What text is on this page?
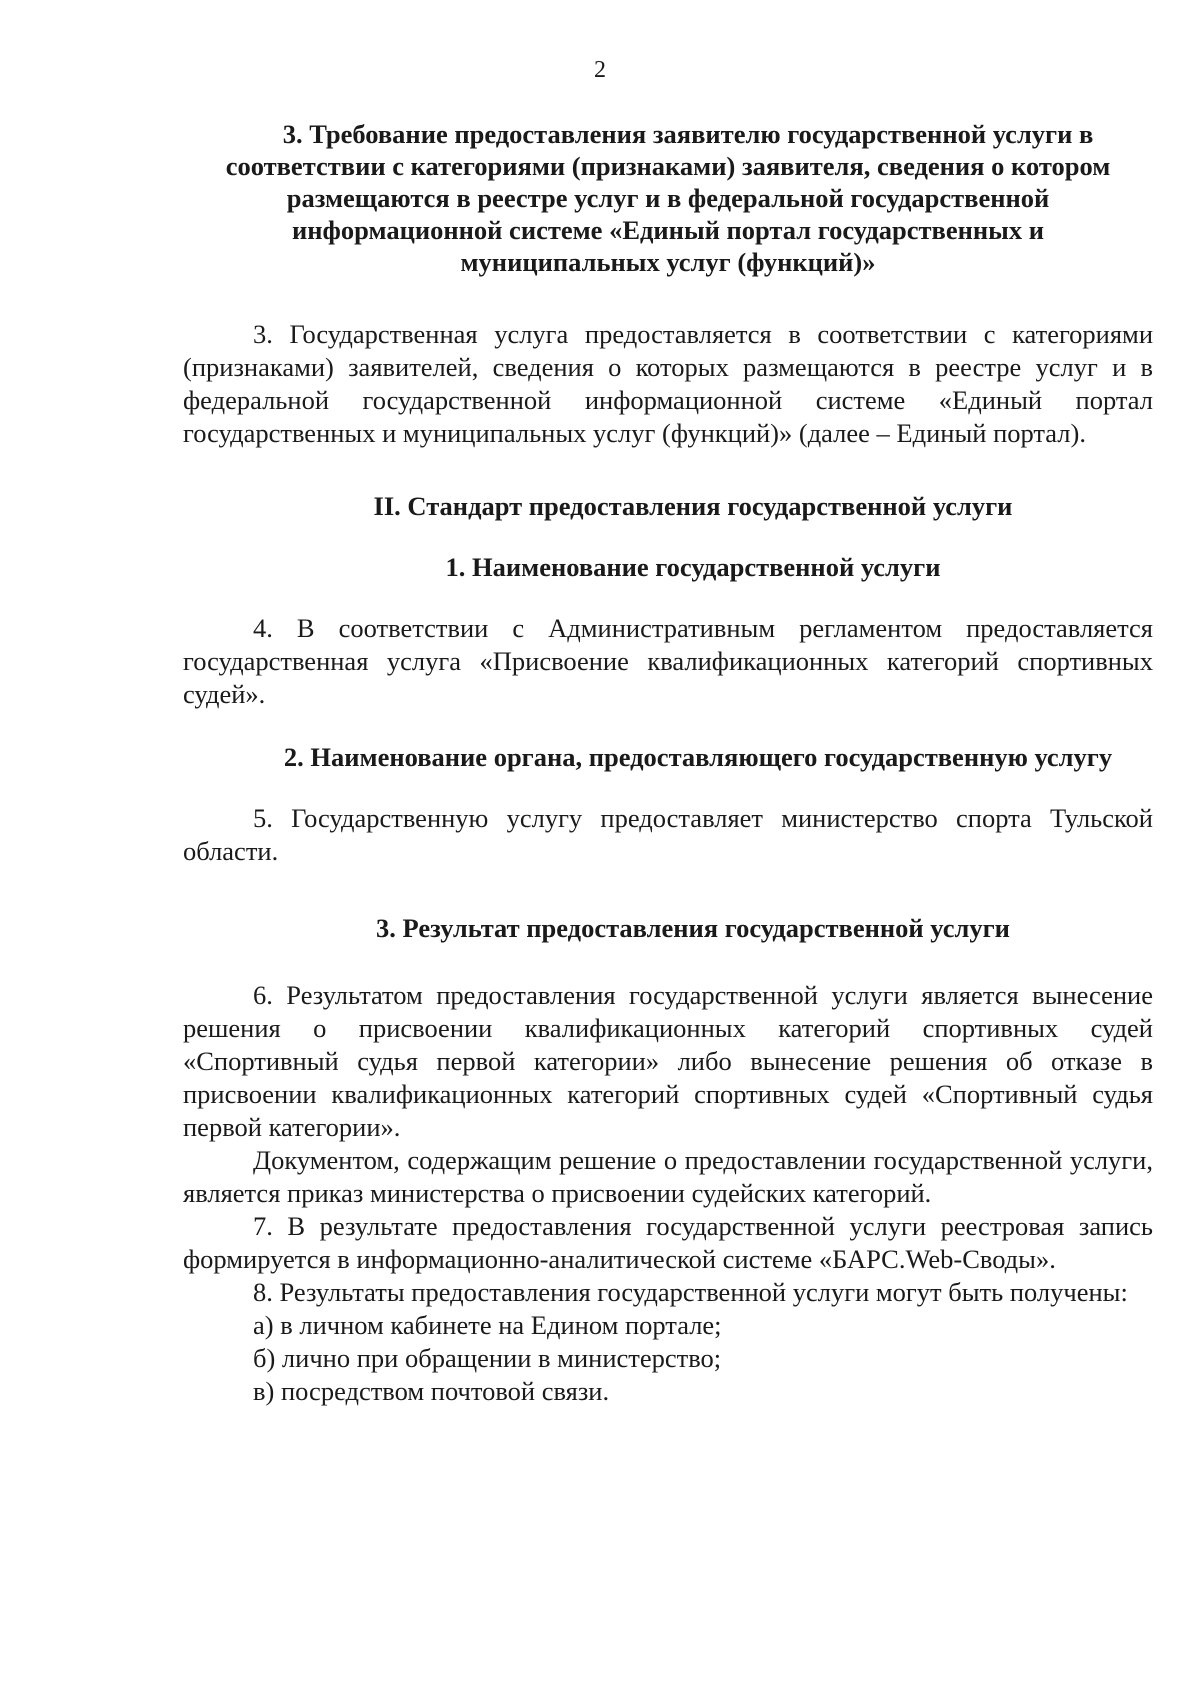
2
3. Требование предоставления заявителю государственной услуги в
соответствии с категориями (признаками) заявителя, сведения о котором
размещаются в реестре услуг и в федеральной государственной
информационной системе «Единый портал государственных и
муниципальных услуг (функций)»

3. Государственная услуга предоставляется в соответствии с категориями (признаками) заявителей, сведения о которых размещаются в реестре услуг и в федеральной государственной информационной системе «Единый портал государственных и муниципальных услуг (функций)» (далее – Единый портал).

II. Стандарт предоставления государственной услуги

1. Наименование государственной услуги

4. В соответствии с Административным регламентом предоставляется государственная услуга «Присвоение квалификационных категорий спортивных судей».

2. Наименование органа, предоставляющего государственную услугу

5. Государственную услугу предоставляет министерство спорта Тульской области.

3. Результат предоставления государственной услуги

6. Результатом предоставления государственной услуги является вынесение решения о присвоении квалификационных категорий спортивных судей «Спортивный судья первой категории» либо вынесение решения об отказе в присвоении квалификационных категорий спортивных судей «Спортивный судья первой категории».

Документом, содержащим решение о предоставлении государственной услуги, является приказ министерства о присвоении судейских категорий.

7. В результате предоставления государственной услуги реестровая запись формируется в информационно-аналитической системе «БАРС.Web-Своды».

8. Результаты предоставления государственной услуги могут быть получены:

а) в личном кабинете на Едином портале;

б) лично при обращении в министерство;

в) посредством почтовой связи.
